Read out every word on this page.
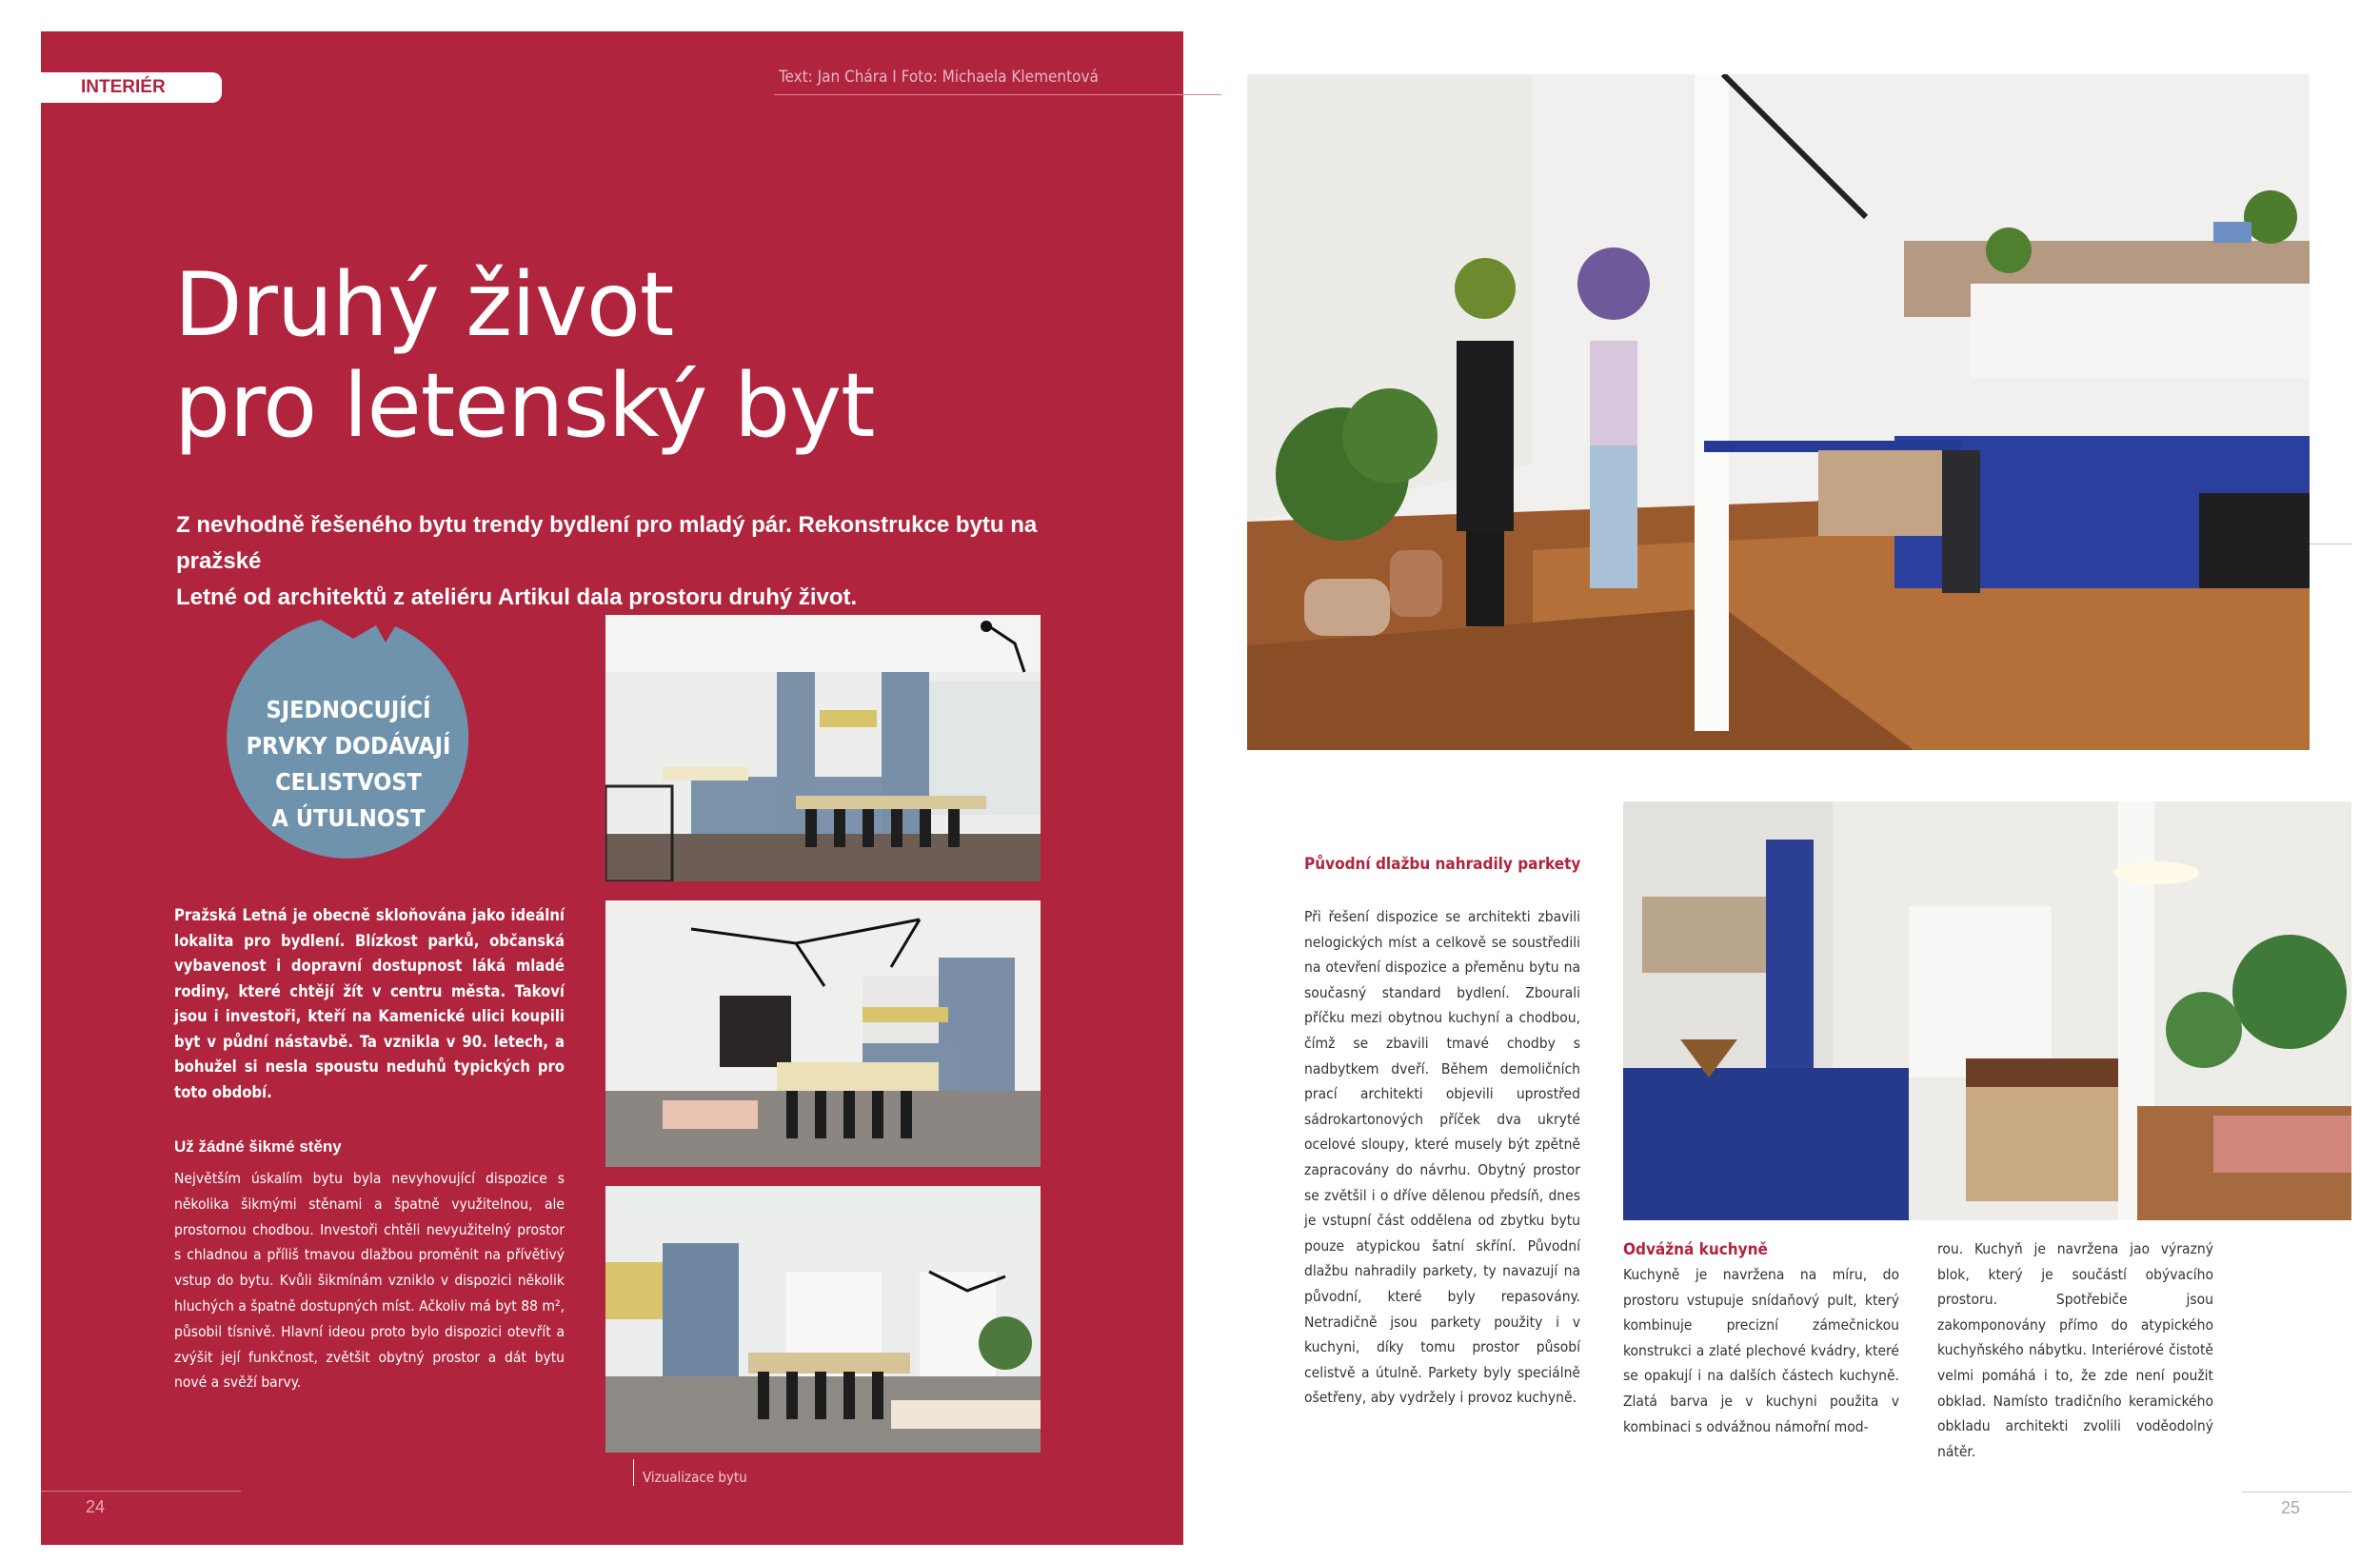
INTERIÉR	Text: Jan Chára I Foto: Michaela Klementová
Druhý život
pro letenský byt
Z nevhodně řešeného bytu trendy bydlení pro mladý pár. Rekonstrukce bytu na pražské
Letné od architektů z ateliéru Artikul dala prostoru druhý život.
SJEDNOCUJÍCÍ
PRVKY DODÁVAJÍ
CELISTVOST
A ÚTULNOST
Vizualizace bytu
Pražská Letná je obecně skloňována jako ideální lokalita pro bydlení. Blízkost parků, občanská vybavenost i dopravní dostupnost láká mladé rodiny, které chtějí žít v centru města. Takoví jsou i investoři, kteří na Kamenické ulici koupili byt v půdní nástavbě. Ta vznikla v 90. letech, a bohužel si nesla spoustu neduhů typických pro toto období.
Už žádné šikmé stěny
Největším úskalím bytu byla nevyhovující dispozice s několika šikmými stěnami a špatně využitelnou, ale prostornou chodbou. Investoři chtěli nevyužitelný prostor s chladnou a příliš tmavou dlažbou proměnit na přívětivý vstup do bytu. Kvůli šikmínám vzniklo v dispozici několik hluchých a špatně dostupných míst. Ačkoliv má byt 88 m², působil tísnivě. Hlavní ideou proto bylo dispozici otevřít a zvýšit její funkčnost, zvětšit obytný prostor a dát bytu nové a svěží barvy.
24
Původní dlažbu nahradily parkety
Při řešení dispozice se architekti zbavili nelogických míst a celkově se soustředili na otevření dispozice a přeměnu bytu na současný standard bydlení. Zbourali příčku mezi obytnou kuchyní a chodbou, čímž se zbavili tmavé chodby s nadbytkem dveří. Během demoličních prací architekti objevili uprostřed sádrokartonových příček dva ukryté ocelové sloupy, které musely být zpětně zapracovány do návrhu. Obytný prostor se zvětšil i o dříve dělenou předsíň, dnes je vstupní část oddělena od zbytku bytu pouze atypickou šatní skříní. Původní dlažbu nahradily parkety, ty navazují na původní, které byly repasovány. Netradičně jsou parkety použity i v kuchyni, díky tomu prostor působí celistvě a útulně. Parkety byly speciálně ošetřeny, aby vydržely i provoz kuchyně.
Odvážná kuchyně
Kuchyně je navržena na míru, do prostoru vstupuje snídaňový pult, který kombinuje precizní zámečnickou konstrukci a zlaté plechové kvádry, které se opakují i na dalších částech kuchyně. Zlatá barva je v kuchyni použita v kombinaci s odvážnou námořní mod-
rou. Kuchyň je navržena jao výrazný blok, který je součástí obývacího prostoru. Spotřebiče jsou zakomponovány přímo do atypického kuchyňského nábytku. Interiérové čistotě velmi pomáhá i to, že zde není použit obklad. Namísto tradičního keramického obkladu architekti zvolili voděodolný nátěr.
25
